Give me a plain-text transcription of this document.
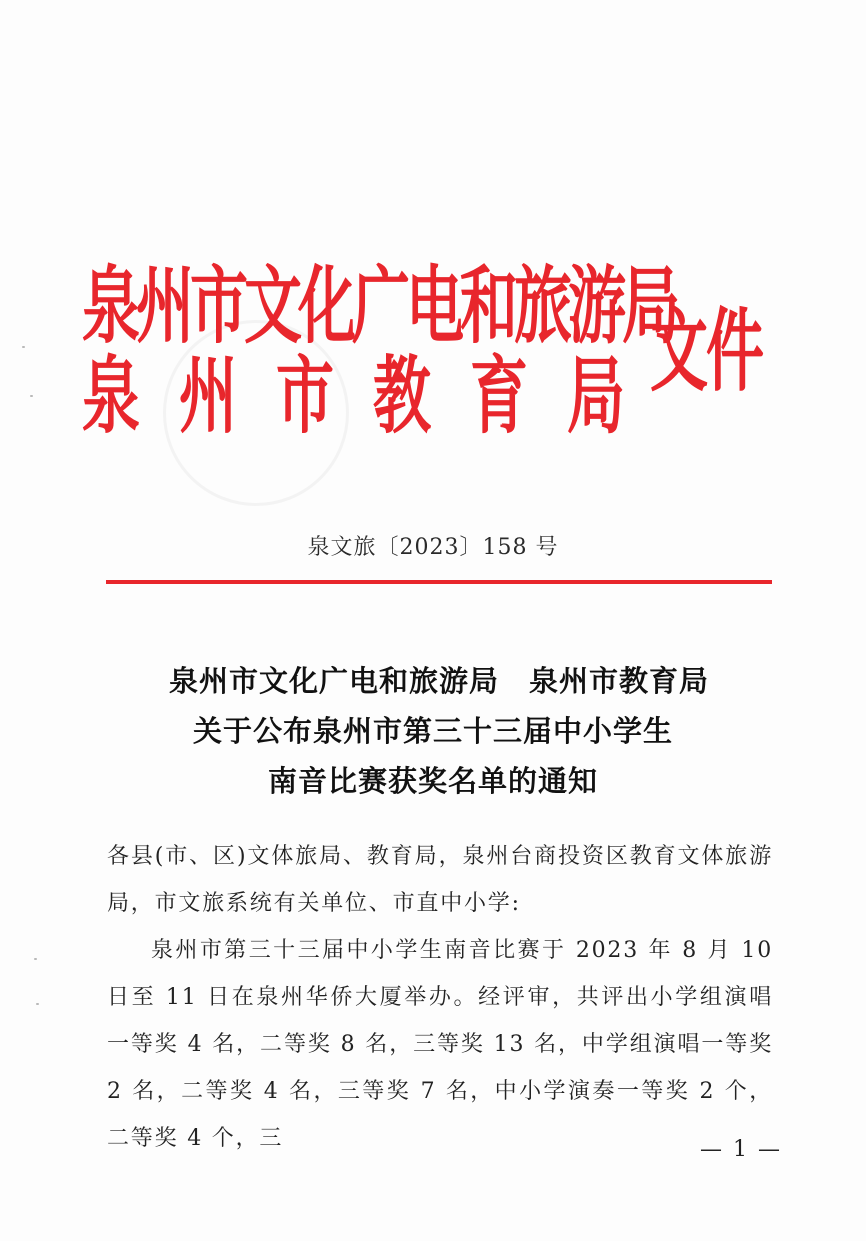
泉州市文化广电和旅游局
泉州市教育局
文件
泉文旅〔2023〕158 号
泉州市文化广电和旅游局　泉州市教育局
关于公布泉州市第三十三届中小学生
南音比赛获奖名单的通知
各县(市、区)文体旅局、教育局，泉州台商投资区教育文体旅游局，市文旅系统有关单位、市直中小学:
泉州市第三十三届中小学生南音比赛于 2023 年 8 月 10 日至 11 日在泉州华侨大厦举办。经评审，共评出小学组演唱一等奖 4 名，二等奖 8 名，三等奖 13 名，中学组演唱一等奖 2 名，二等奖 4 名，三等奖 7 名，中小学演奏一等奖 2 个，二等奖 4 个，三	— 1 —
